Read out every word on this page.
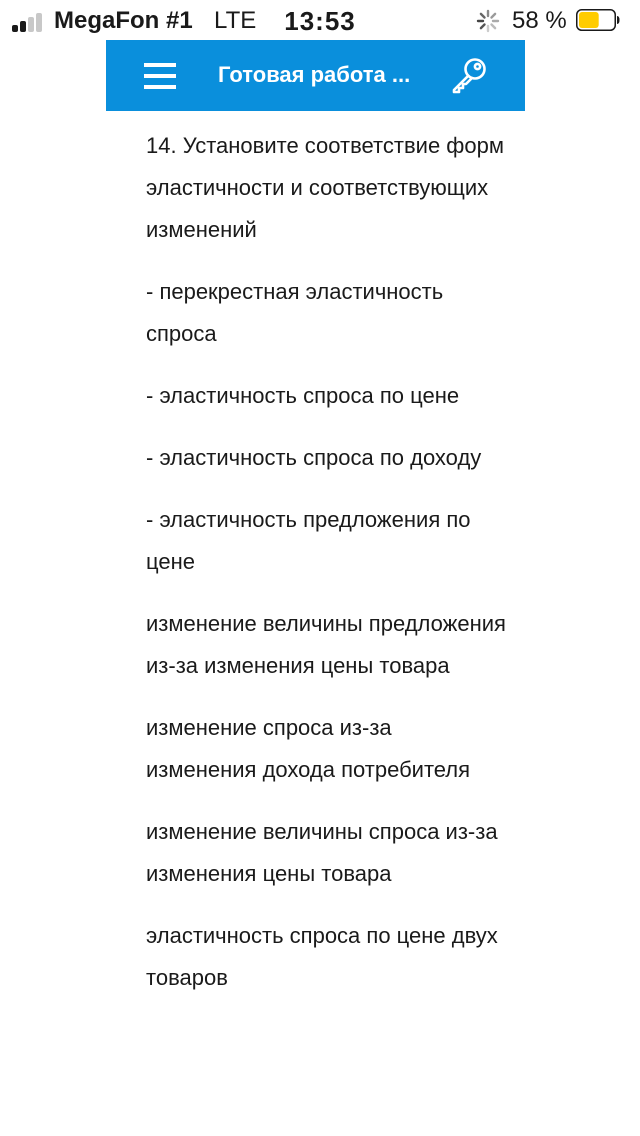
MegaFon #1 LTE	13:53	58 %
Готовая работа ...

14. Установите соответствие форм эластичности и соответствующих изменений

- перекрестная эластичность спроса

- эластичность спроса по цене

- эластичность спроса по доходу

- эластичность предложения по цене

изменение величины предложения из-за изменения цены товара

изменение спроса из-за изменения дохода потребителя

изменение величины спроса из-за изменения цены товара

эластичность спроса по цене двух товаров
